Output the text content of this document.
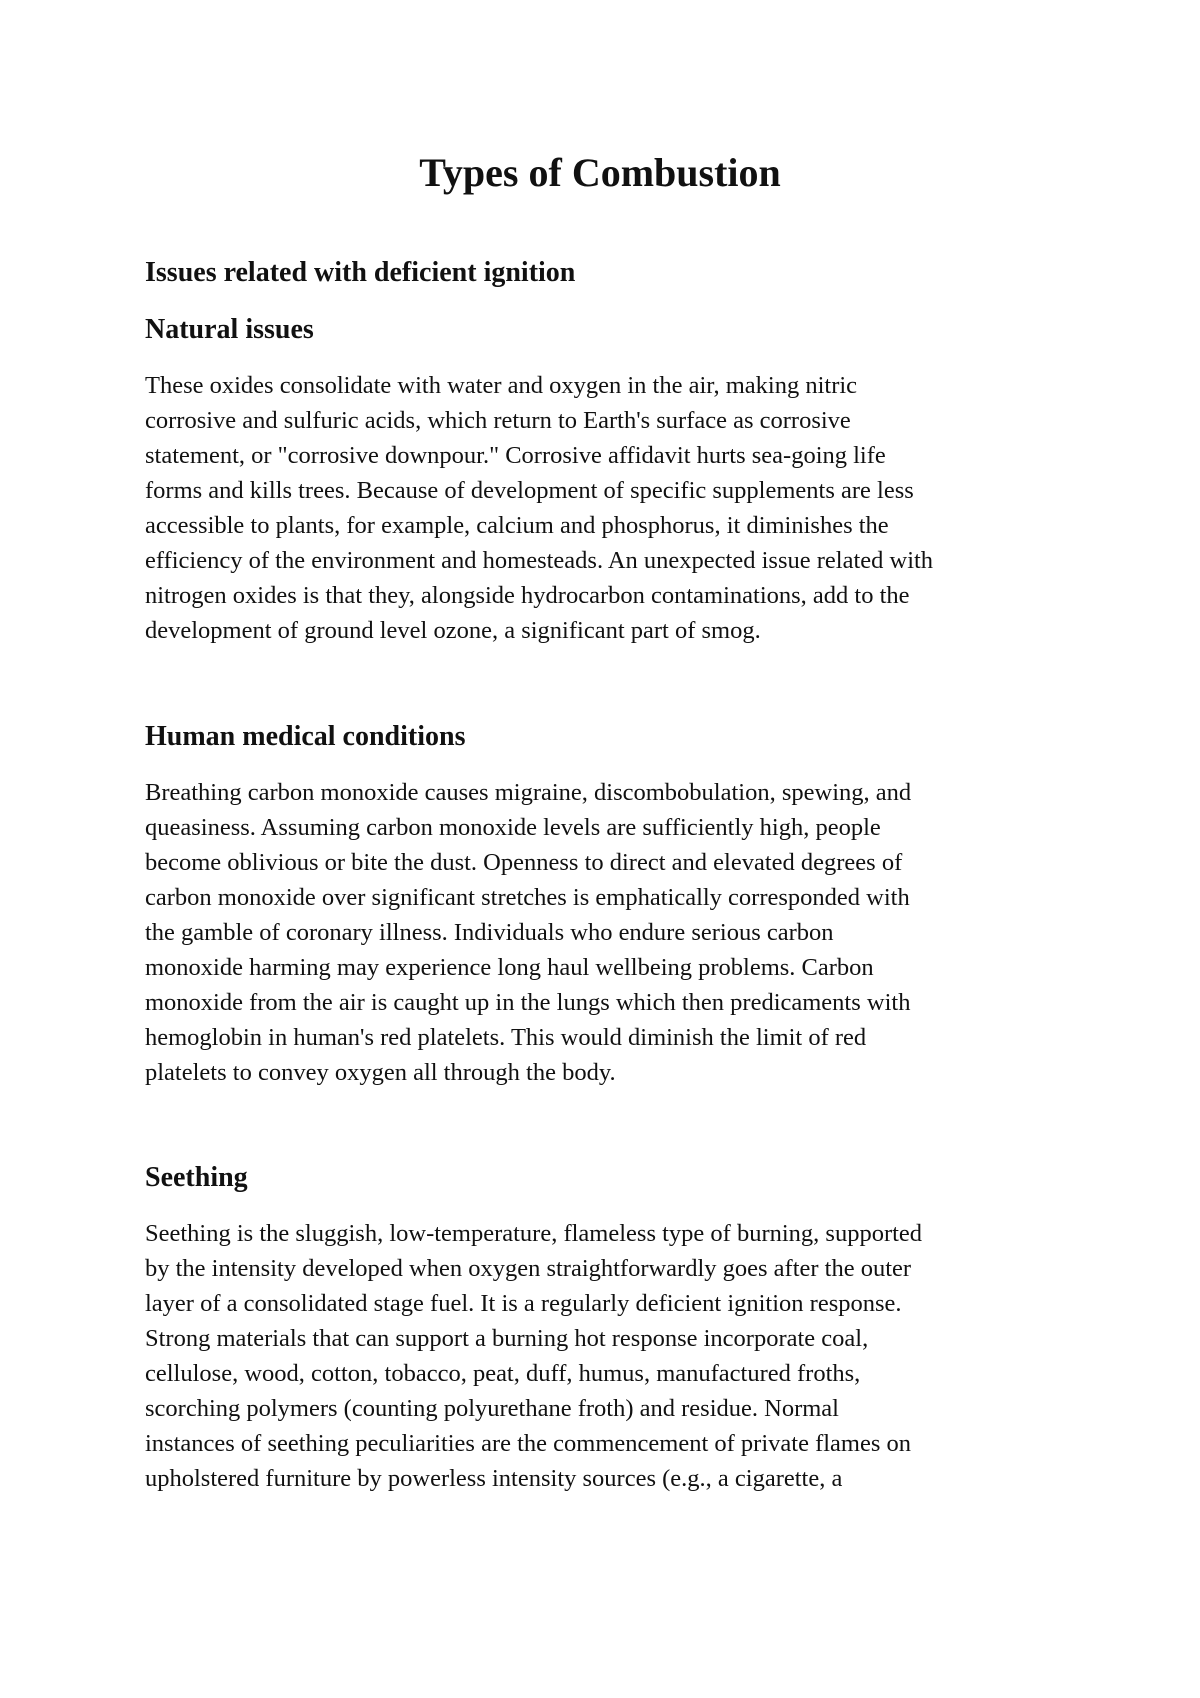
Types of Combustion
Issues related with deficient ignition
Natural issues
These oxides consolidate with water and oxygen in the air, making nitric
corrosive and sulfuric acids, which return to Earth's surface as corrosive
statement, or "corrosive downpour." Corrosive affidavit hurts sea-going life
forms and kills trees. Because of development of specific supplements are less
accessible to plants, for example, calcium and phosphorus, it diminishes the
efficiency of the environment and homesteads. An unexpected issue related with
nitrogen oxides is that they, alongside hydrocarbon contaminations, add to the
development of ground level ozone, a significant part of smog.
Human medical conditions
Breathing carbon monoxide causes migraine, discombobulation, spewing, and
queasiness. Assuming carbon monoxide levels are sufficiently high, people
become oblivious or bite the dust. Openness to direct and elevated degrees of
carbon monoxide over significant stretches is emphatically corresponded with
the gamble of coronary illness. Individuals who endure serious carbon
monoxide harming may experience long haul wellbeing problems. Carbon
monoxide from the air is caught up in the lungs which then predicaments with
hemoglobin in human's red platelets. This would diminish the limit of red
platelets to convey oxygen all through the body.
Seething
Seething is the sluggish, low-temperature, flameless type of burning, supported
by the intensity developed when oxygen straightforwardly goes after the outer
layer of a consolidated stage fuel. It is a regularly deficient ignition response.
Strong materials that can support a burning hot response incorporate coal,
cellulose, wood, cotton, tobacco, peat, duff, humus, manufactured froths,
scorching polymers (counting polyurethane froth) and residue. Normal
instances of seething peculiarities are the commencement of private flames on
upholstered furniture by powerless intensity sources (e.g., a cigarette, a
